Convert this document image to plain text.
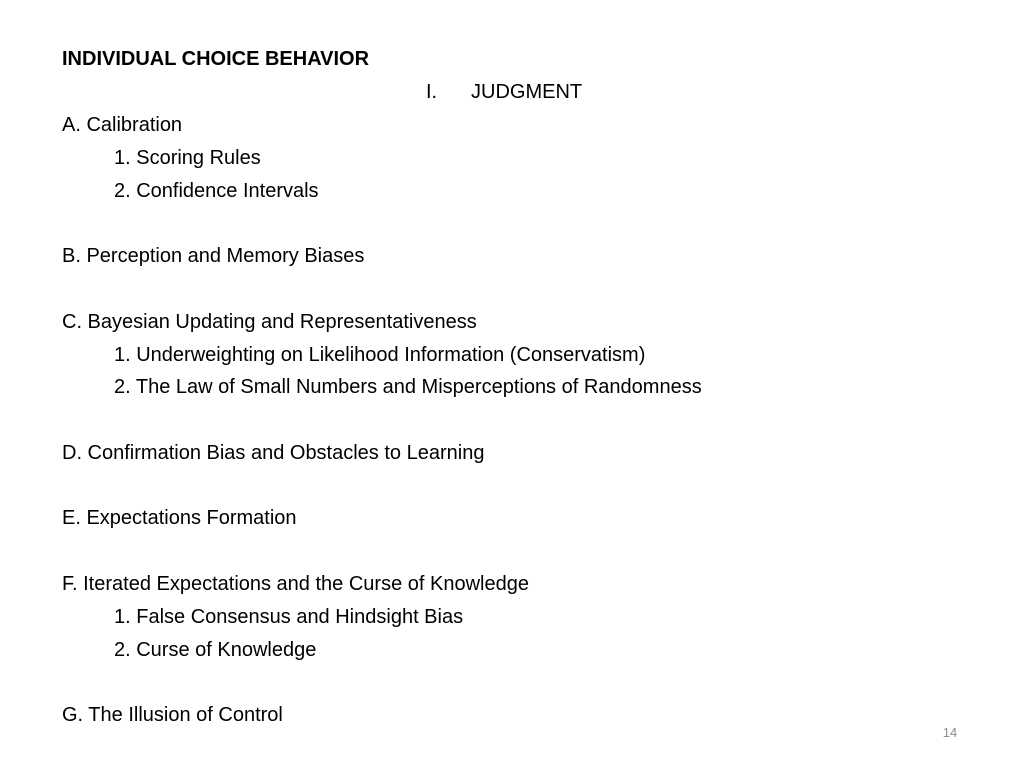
INDIVIDUAL CHOICE BEHAVIOR
I. JUDGMENT
A. Calibration
1. Scoring Rules
2. Confidence Intervals
B. Perception and Memory Biases
C. Bayesian Updating and Representativeness
1. Underweighting on Likelihood Information (Conservatism)
2. The Law of Small Numbers and Misperceptions of Randomness
D. Confirmation Bias and Obstacles to Learning
E. Expectations Formation
F. Iterated Expectations and the Curse of Knowledge
1. False Consensus and Hindsight Bias
2. Curse of Knowledge
G. The Illusion of Control
14
